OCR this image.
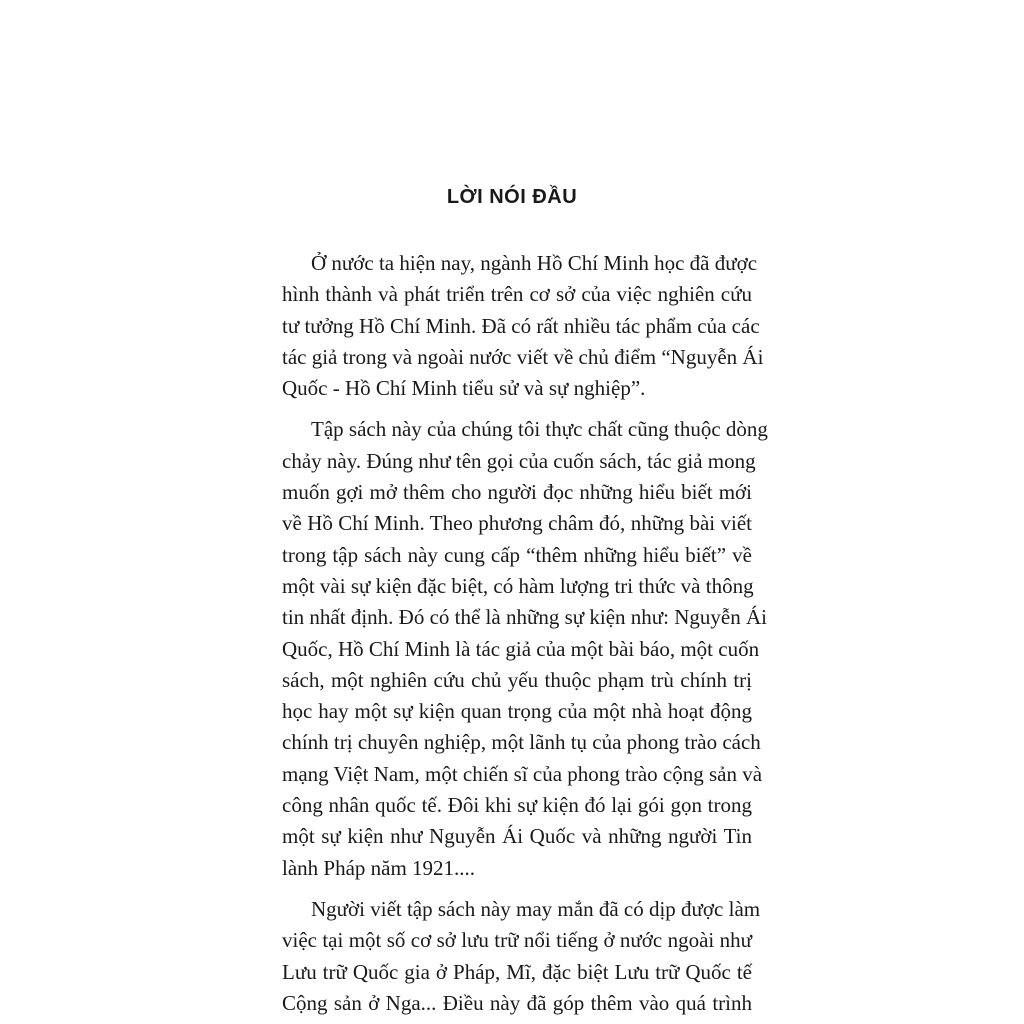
LỜI NÓI ĐẦU
Ở nước ta hiện nay, ngành Hồ Chí Minh học đã được
hình thành và phát triển trên cơ sở của việc nghiên cứu
tư tưởng Hồ Chí Minh. Đã có rất nhiều tác phẩm của các
tác giả trong và ngoài nước viết về chủ điểm “Nguyễn Ái
Quốc - Hồ Chí Minh tiểu sử và sự nghiệp”.
Tập sách này của chúng tôi thực chất cũng thuộc dòng
chảy này. Đúng như tên gọi của cuốn sách, tác giả mong
muốn gợi mở thêm cho người đọc những hiểu biết mới
về Hồ Chí Minh. Theo phương châm đó, những bài viết
trong tập sách này cung cấp “thêm những hiểu biết” về
một vài sự kiện đặc biệt, có hàm lượng tri thức và thông
tin nhất định. Đó có thể là những sự kiện như: Nguyễn Ái
Quốc, Hồ Chí Minh là tác giả của một bài báo, một cuốn
sách, một nghiên cứu chủ yếu thuộc phạm trù chính trị
học hay một sự kiện quan trọng của một nhà hoạt động
chính trị chuyên nghiệp, một lãnh tụ của phong trào cách
mạng Việt Nam, một chiến sĩ của phong trào cộng sản và
công nhân quốc tế. Đôi khi sự kiện đó lại gói gọn trong
một sự kiện như Nguyễn Ái Quốc và những người Tin
lành Pháp năm 1921....
Người viết tập sách này may mắn đã có dịp được làm
việc tại một số cơ sở lưu trữ nổi tiếng ở nước ngoài như
Lưu trữ Quốc gia ở Pháp, Mĩ, đặc biệt Lưu trữ Quốc tế
Cộng sản ở Nga... Điều này đã góp thêm vào quá trình
